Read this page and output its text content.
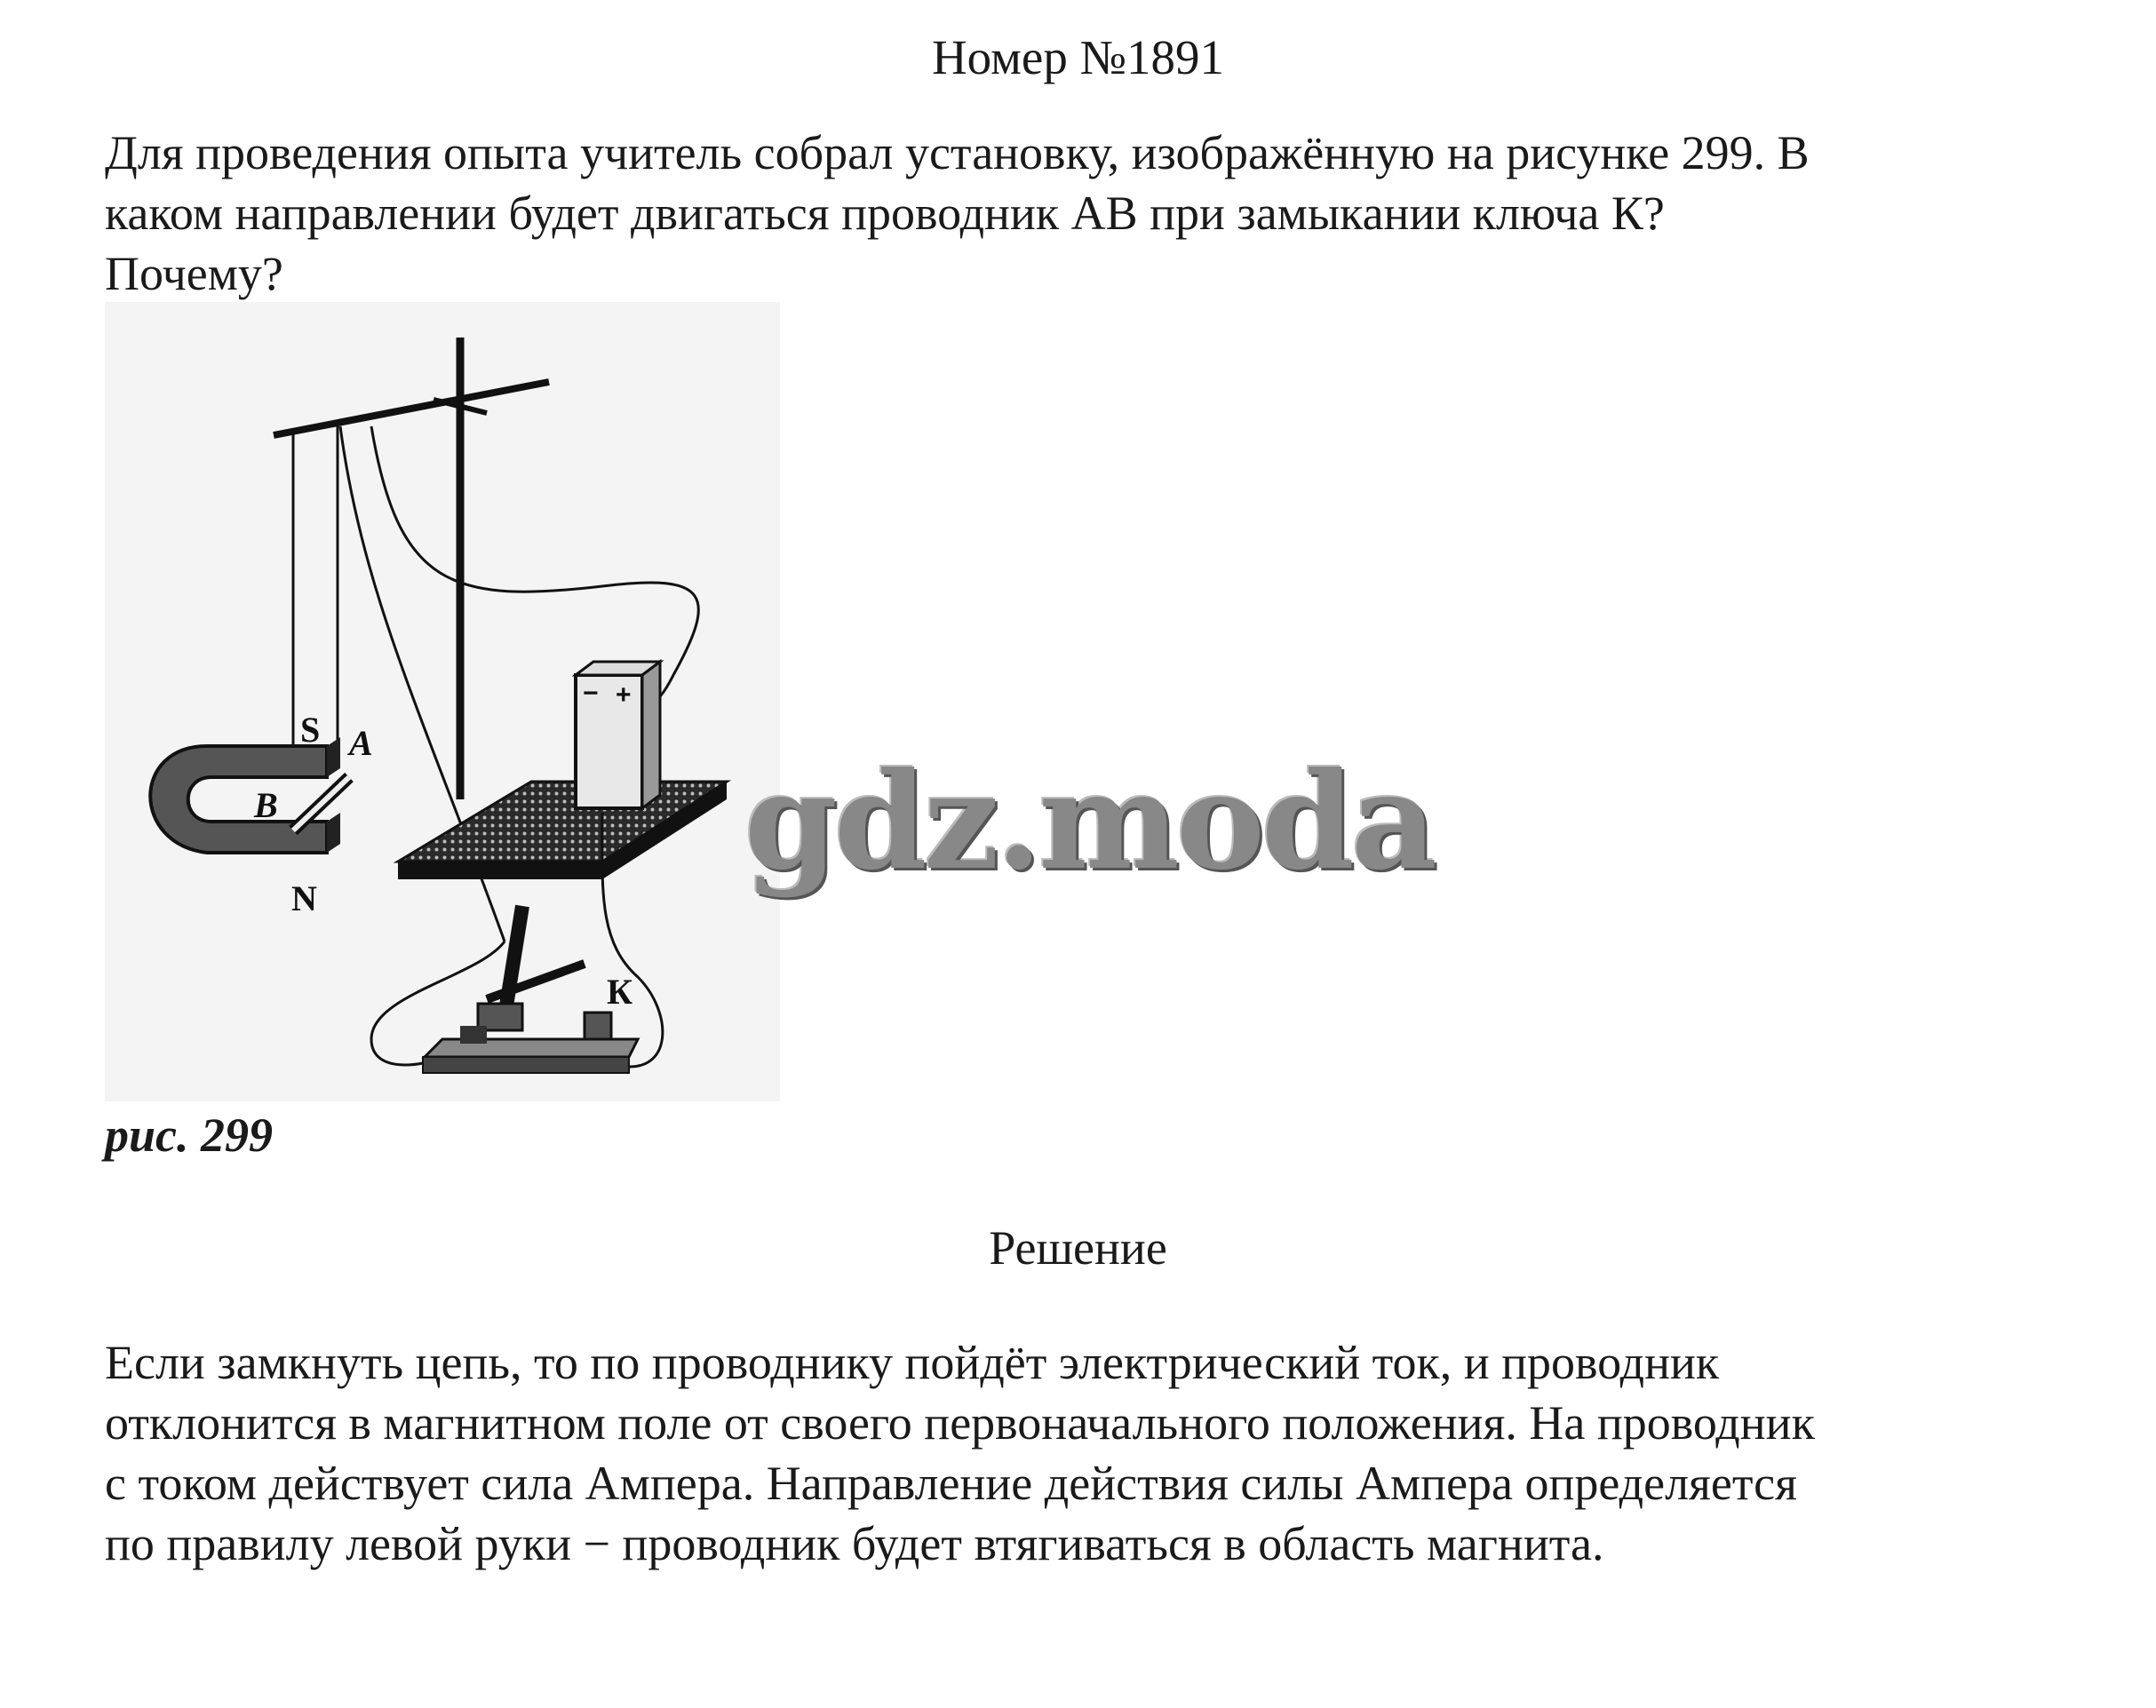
Номер №1891
Для проведения опыта учитель собрал установку, изображённую на рисунке 299. В
каком направлении будет двигаться проводник АВ при замыкании ключа К?
Почему?
S A
B
N
К
− +
рис. 299
gdz.moda
Решение
Если замкнуть цепь, то по проводнику пойдёт электрический ток, и проводник
отклонится в магнитном поле от своего первоначального положения. На проводник
с током действует сила Ампера. Направление действия силы Ампера определяется
по правилу левой руки − проводник будет втягиваться в область магнита.
